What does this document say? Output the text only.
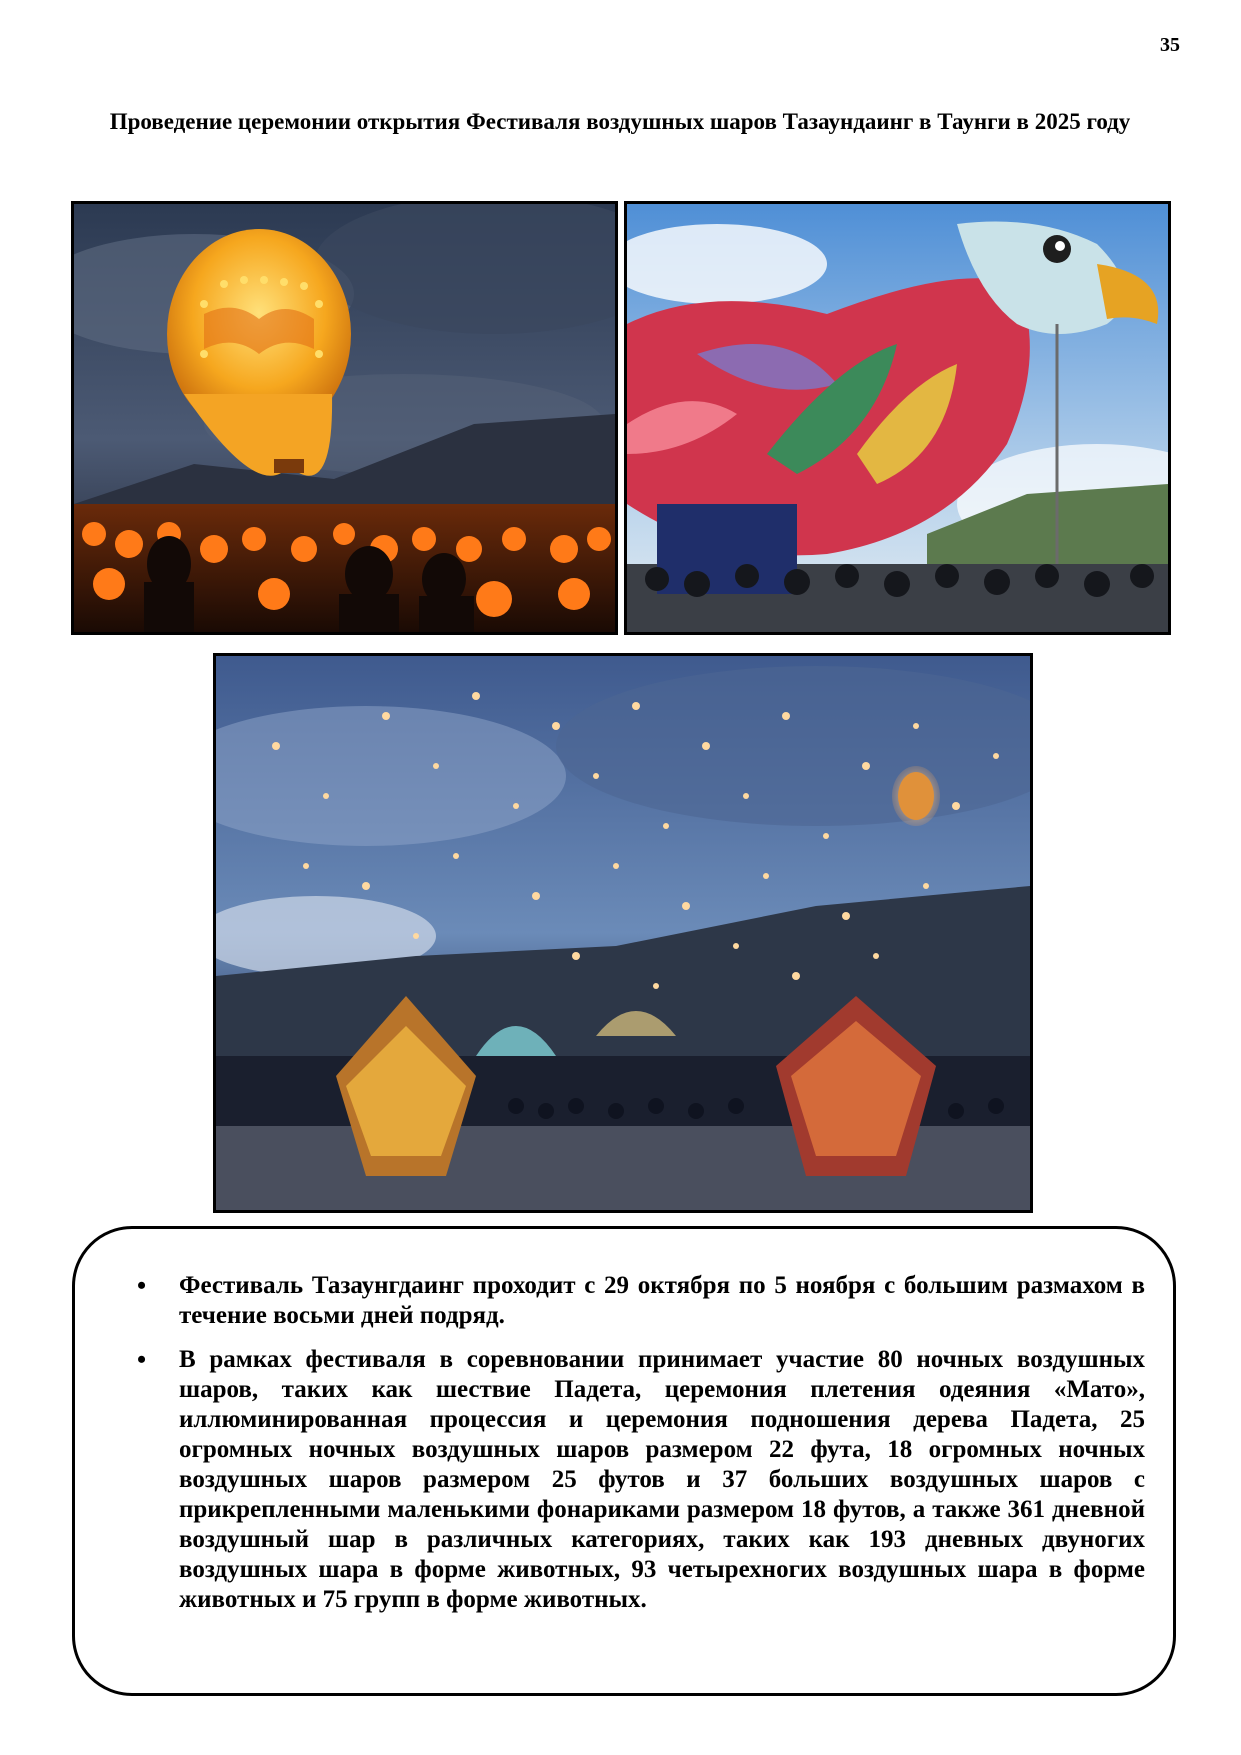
35
Проведение церемонии открытия Фестиваля воздушных шаров Тазаундаинг в Таунги в 2025 году
• Фестиваль Тазаунгдаинг проходит с 29 октября по 5 ноября с большим размахом в течение восьми дней подряд.
• В рамках фестиваля в соревновании принимает участие 80 ночных воздушных шаров, таких как шествие Падета, церемония плетения одеяния «Мато», иллюминированная процессия и церемония подношения дерева Падета, 25 огромных ночных воздушных шаров размером 22 фута, 18 огромных ночных воздушных шаров размером 25 футов и 37 больших воздушных шаров с прикрепленными маленькими фонариками размером 18 футов, а также 361 дневной воздушный шар в различных категориях, таких как 193 дневных двуногих воздушных шара в форме животных, 93 четырехногих воздушных шара в форме животных и 75 групп в форме животных.
